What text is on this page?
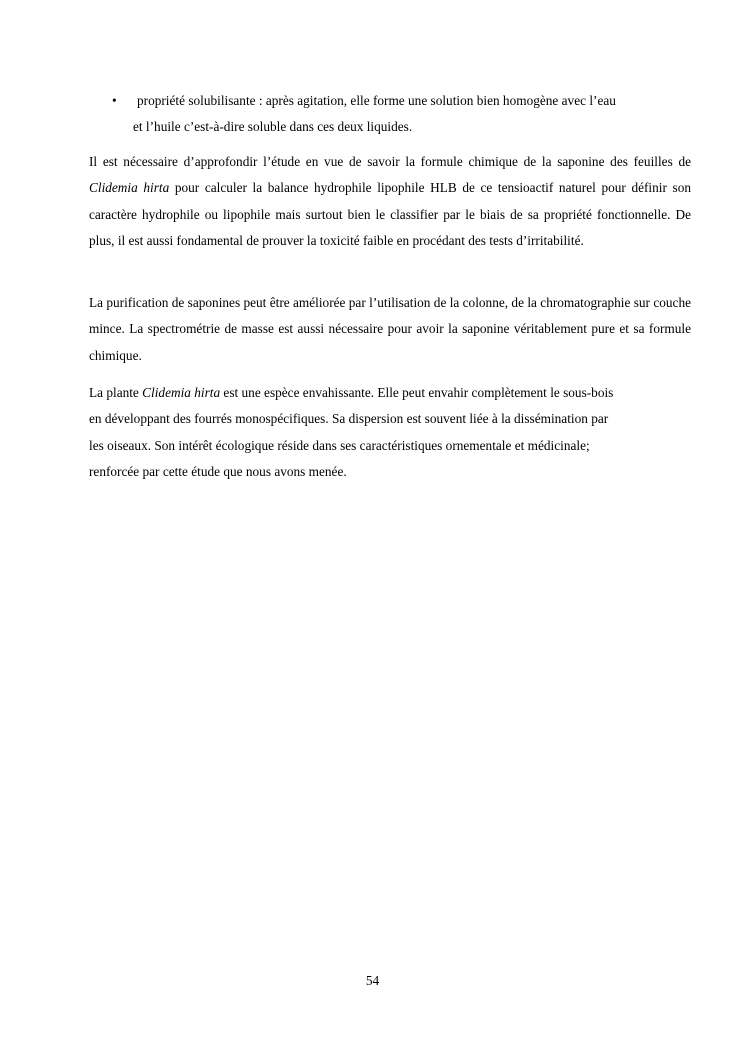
•	propriété solubilisante : après agitation, elle forme une solution bien homogène avec l’eau
et l’huile c’est-à-dire soluble dans ces deux liquides.

Il est nécessaire d’approfondir l’étude en vue de savoir la formule chimique de la saponine des feuilles de Clidemia hirta pour calculer la balance hydrophile lipophile HLB de ce tensioactif naturel pour définir son caractère hydrophile ou lipophile mais surtout bien le classifier par le biais de sa propriété fonctionnelle. De plus, il est aussi fondamental de prouver la toxicité faible en procédant des tests d’irritabilité.

La purification de saponines peut être améliorée par l’utilisation de la colonne, de la chromatographie sur couche mince. La spectrométrie de masse est aussi nécessaire pour avoir la saponine véritablement pure et sa formule chimique.

La plante Clidemia hirta est une espèce envahissante. Elle peut envahir complètement le sous-bois
en développant des fourrés monospécifiques. Sa dispersion est souvent liée à la dissémination par
les oiseaux. Son intérêt écologique réside dans ses caractéristiques ornementale et médicinale;
renforcée par cette étude que nous avons menée.

54
